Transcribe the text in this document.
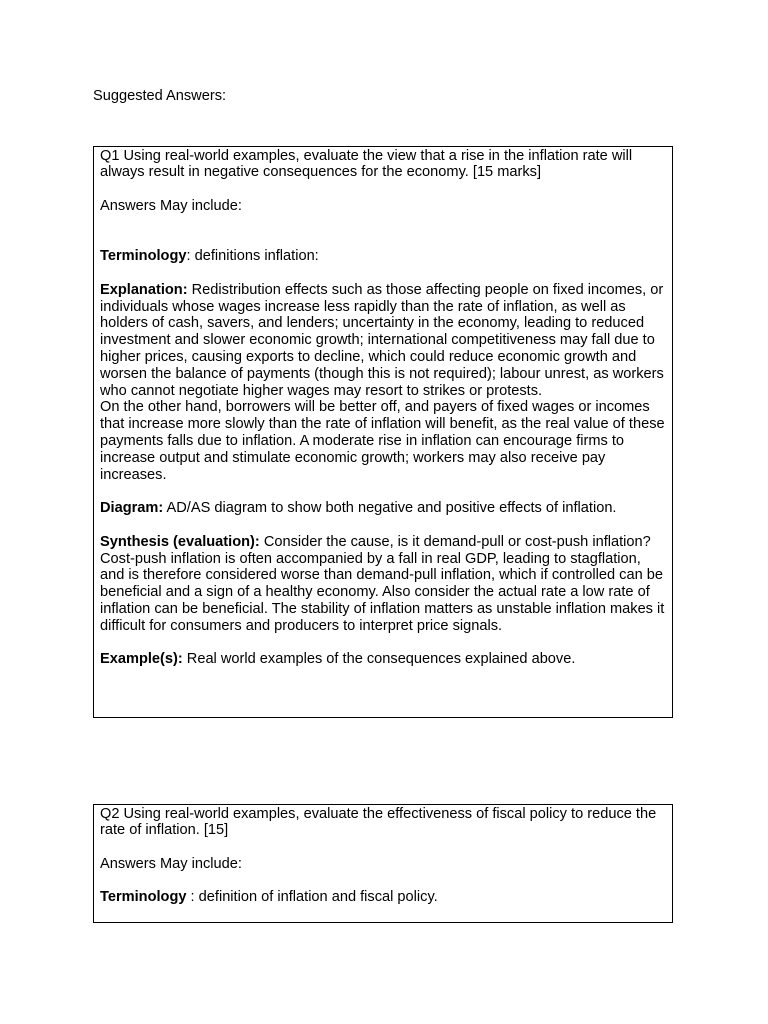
Suggested Answers:

Q1 Using real-world examples, evaluate the view that a rise in the inflation rate will always result in negative consequences for the economy. [15 marks]

Answers May include:

Terminology: definitions inflation:

Explanation: Redistribution effects such as those affecting people on fixed incomes, or individuals whose wages increase less rapidly than the rate of inflation, as well as holders of cash, savers, and lenders; uncertainty in the economy, leading to reduced investment and slower economic growth; international competitiveness may fall due to higher prices, causing exports to decline, which could reduce economic growth and worsen the balance of payments (though this is not required); labour unrest, as workers who cannot negotiate higher wages may resort to strikes or protests.

On the other hand, borrowers will be better off, and payers of fixed wages or incomes that increase more slowly than the rate of inflation will benefit, as the real value of these payments falls due to inflation. A moderate rise in inflation can encourage firms to increase output and stimulate economic growth; workers may also receive pay increases.

Diagram: AD/AS diagram to show both negative and positive effects of inflation.

Synthesis (evaluation): Consider the cause, is it demand-pull or cost-push inflation? Cost-push inflation is often accompanied by a fall in real GDP, leading to stagflation, and is therefore considered worse than demand-pull inflation, which if controlled can be beneficial and a sign of a healthy economy. Also consider the actual rate a low rate of inflation can be beneficial. The stability of inflation matters as unstable inflation makes it difficult for consumers and producers to interpret price signals.

Example(s): Real world examples of the consequences explained above.

Q2 Using real-world examples, evaluate the effectiveness of fiscal policy to reduce the rate of inflation. [15]

Answers May include:

Terminology : definition of inflation and fiscal policy.
